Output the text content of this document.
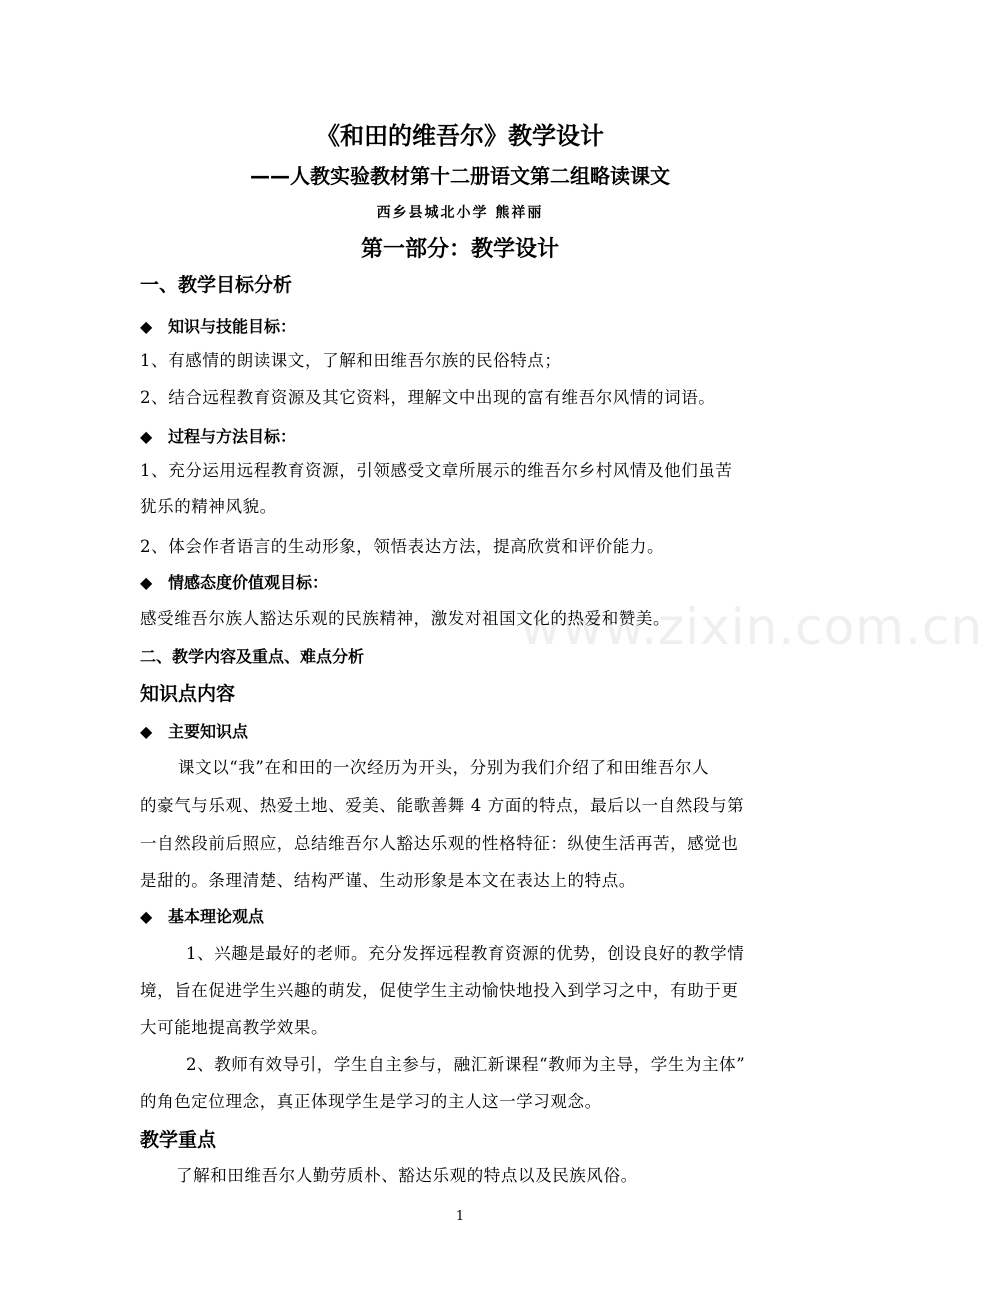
《和田的维吾尔》教学设计
——人教实验教材第十二册语文第二组略读课文
西乡县城北小学 熊祥丽
第一部分：教学设计
一、教学目标分析
◆ 知识与技能目标：
1、有感情的朗读课文，了解和田维吾尔族的民俗特点；
2、结合远程教育资源及其它资料，理解文中出现的富有维吾尔风情的词语。
◆ 过程与方法目标：
1、充分运用远程教育资源，引领感受文章所展示的维吾尔乡村风情及他们虽苦
犹乐的精神风貌。
2、体会作者语言的生动形象，领悟表达方法，提高欣赏和评价能力。
◆ 情感态度价值观目标：
感受维吾尔族人豁达乐观的民族精神，激发对祖国文化的热爱和赞美。
www.zixin.com.cn
二、教学内容及重点、难点分析
知识点内容
◆ 主要知识点
课文以“我”在和田的一次经历为开头，分别为我们介绍了和田维吾尔人
的豪气与乐观、热爱土地、爱美、能歌善舞 4 方面的特点，最后以一自然段与第
一自然段前后照应，总结维吾尔人豁达乐观的性格特征：纵使生活再苦，感觉也
是甜的。条理清楚、结构严谨、生动形象是本文在表达上的特点。
◆ 基本理论观点
1、兴趣是最好的老师。充分发挥远程教育资源的优势，创设良好的教学情
境，旨在促进学生兴趣的萌发，促使学生主动愉快地投入到学习之中，有助于更
大可能地提高教学效果。
2、教师有效导引，学生自主参与，融汇新课程“教师为主导，学生为主体”
的角色定位理念，真正体现学生是学习的主人这一学习观念。
教学重点
了解和田维吾尔人勤劳质朴、豁达乐观的特点以及民族风俗。
1
